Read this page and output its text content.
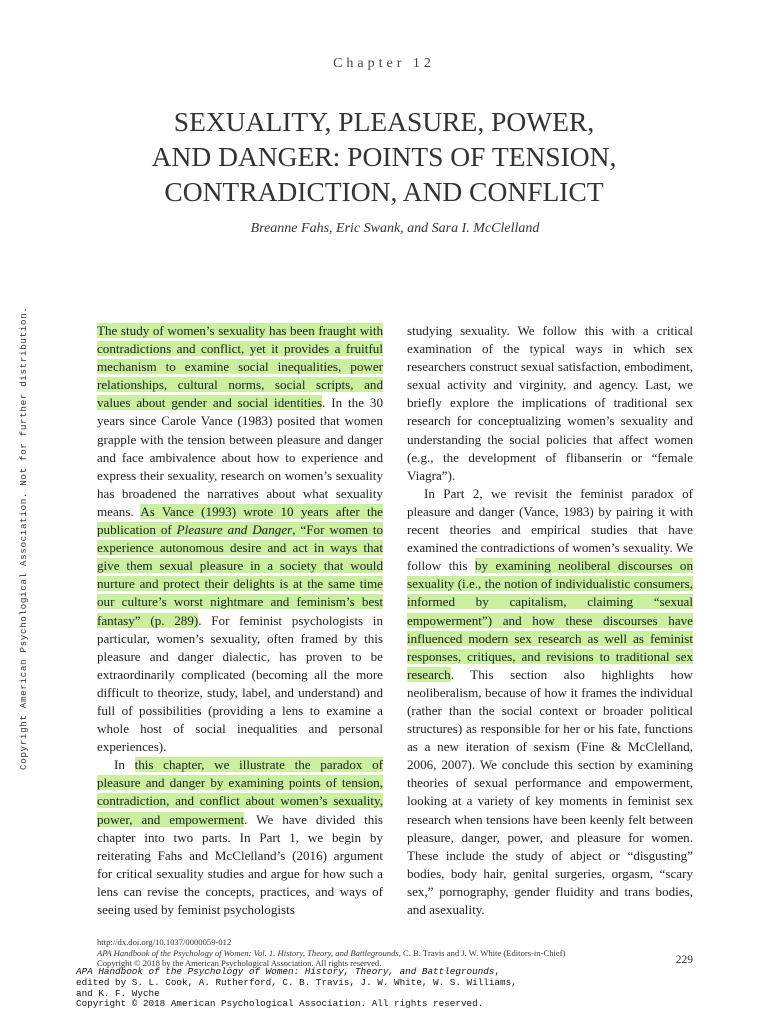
Copyright American Psychological Association. Not for further distribution.
Chapter 12
SEXUALITY, PLEASURE, POWER,
AND DANGER: POINTS OF TENSION,
CONTRADICTION, AND CONFLICT
Breanne Fahs, Eric Swank, and Sara I. McClelland

The study of women’s sexuality has been fraught with contradictions and conflict, yet it provides a fruitful mechanism to examine social inequalities, power relationships, cultural norms, social scripts, and values about gender and social identities. In the 30 years since Carole Vance (1983) posited that women grapple with the tension between pleasure and danger and face ambivalence about how to experience and express their sexuality, research on women’s sexuality has broadened the narratives about what sexuality means. As Vance (1993) wrote 10 years after the publication of Pleasure and Danger, “For women to experience autonomous desire and act in ways that give them sexual pleasure in a society that would nurture and protect their delights is at the same time our culture’s worst nightmare and feminism’s best fantasy” (p. 289). For feminist psychologists in particular, women’s sexuality, often framed by this pleasure and danger dialectic, has proven to be extraordinarily complicated (becoming all the more difficult to theorize, study, label, and understand) and full of possibilities (providing a lens to examine a whole host of social inequalities and personal experiences).

In this chapter, we illustrate the paradox of pleasure and danger by examining points of tension, contradiction, and conflict about women’s sexuality, power, and empowerment. We have divided this chapter into two parts. In Part 1, we begin by reiterating Fahs and McClelland’s (2016) argument for critical sexuality studies and argue for how such a lens can revise the concepts, practices, and ways of seeing used by feminist psychologists

studying sexuality. We follow this with a critical examination of the typical ways in which sex researchers construct sexual satisfaction, embodiment, sexual activity and virginity, and agency. Last, we briefly explore the implications of traditional sex research for conceptualizing women’s sexuality and understanding the social policies that affect women (e.g., the development of flibanserin or “female Viagra”).

In Part 2, we revisit the feminist paradox of pleasure and danger (Vance, 1983) by pairing it with recent theories and empirical studies that have examined the contradictions of women’s sexuality. We follow this by examining neoliberal discourses on sexuality (i.e., the notion of individualistic consumers, informed by capitalism, claiming “sexual empowerment”) and how these discourses have influenced modern sex research as well as feminist responses, critiques, and revisions to traditional sex research. This section also highlights how neoliberalism, because of how it frames the individual (rather than the social context or broader political structures) as responsible for her or his fate, functions as a new iteration of sexism (Fine & McClelland, 2006, 2007). We conclude this section by examining theories of sexual performance and empowerment, looking at a variety of key moments in feminist sex research when tensions have been keenly felt between pleasure, danger, power, and pleasure for women. These include the study of abject or “disgusting” bodies, body hair, genital surgeries, orgasm, “scary sex,” pornography, gender fluidity and trans bodies, and asexuality.

http://dx.doi.org/10.1037/0000059-012
APA Handbook of the Psychology of Women: Vol. 1. History, Theory, and Battlegrounds, C. B. Travis and J. W. White (Editors-in-Chief)
Copyright © 2018 by the American Psychological Association. All rights reserved.	229
APA Handbook of the Psychology of Women: History, Theory, and Battlegrounds,
edited by S. L. Cook, A. Rutherford, C. B. Travis, J. W. White, W. S. Williams,
and K. F. Wyche
Copyright © 2018 American Psychological Association. All rights reserved.
